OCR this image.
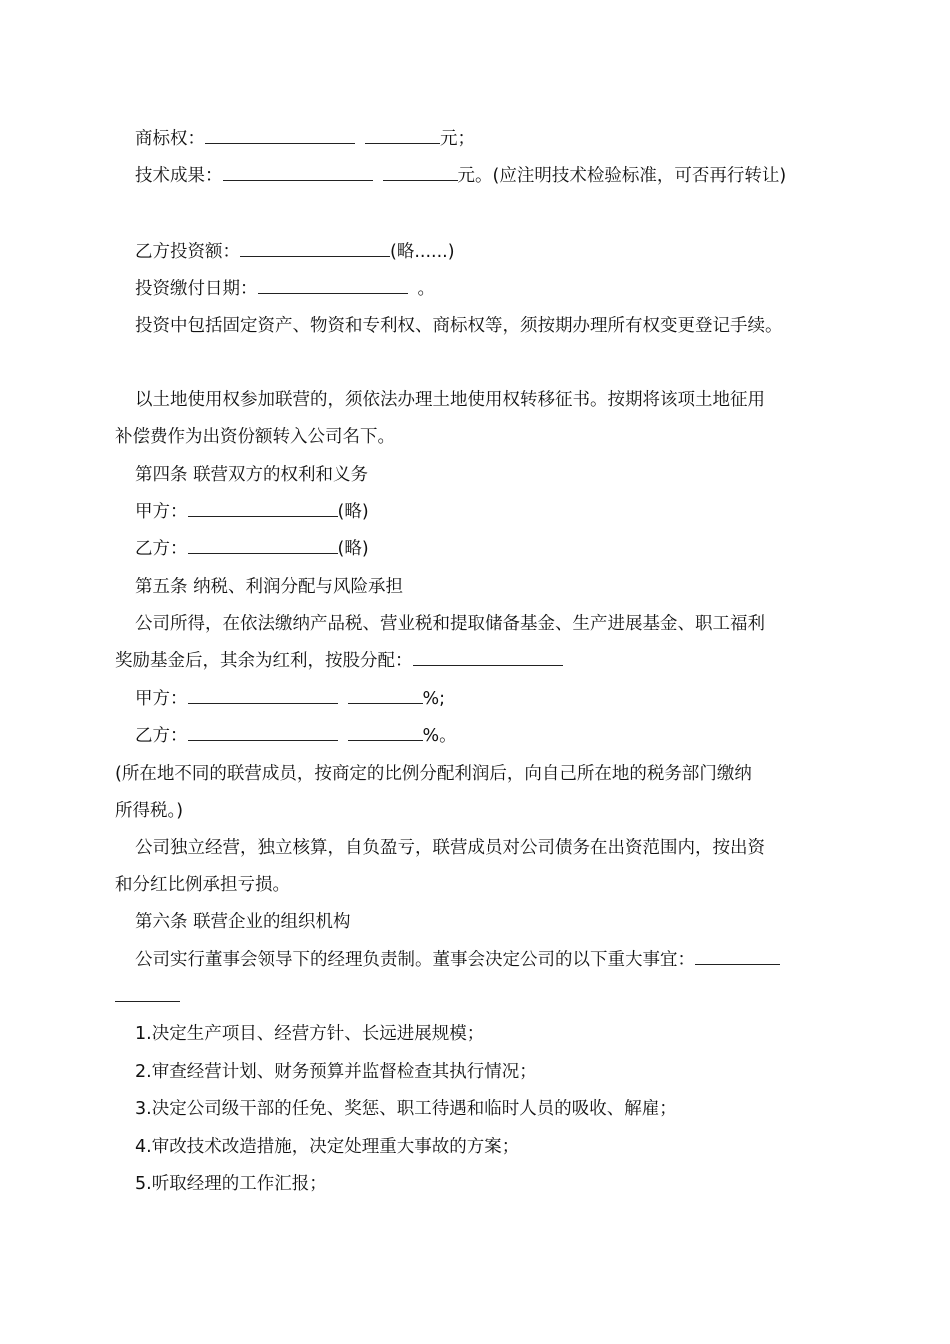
商标权：	元；
技术成果：	元。(应注明技术检验标准，可否再行转让)
乙方投资额：	(略......)
投资缴付日期：	。
投资中包括固定资产、物资和专利权、商标权等，须按期办理所有权变更登记手续。
以土地使用权参加联营的，须依法办理土地使用权转移征书。按期将该项土地征用
补偿费作为出资份额转入公司名下。
第四条 联营双方的权利和义务
甲方：	(略)
乙方：	(略)
第五条 纳税、利润分配与风险承担
公司所得，在依法缴纳产品税、营业税和提取储备基金、生产进展基金、职工福利
奖励基金后，其余为红利，按股分配：
甲方：	%;
乙方：	%。
(所在地不同的联营成员，按商定的比例分配利润后，向自己所在地的税务部门缴纳
所得税。)
公司独立经营，独立核算，自负盈亏，联营成员对公司债务在出资范围内，按出资
和分红比例承担亏损。
第六条 联营企业的组织机构
公司实行董事会领导下的经理负责制。董事会决定公司的以下重大事宜：
1.决定生产项目、经营方针、长远进展规模；
2.审查经营计划、财务预算并监督检查其执行情况；
3.决定公司级干部的任免、奖惩、职工待遇和临时人员的吸收、解雇；
4.审改技术改造措施，决定处理重大事故的方案；
5.听取经理的工作汇报；
